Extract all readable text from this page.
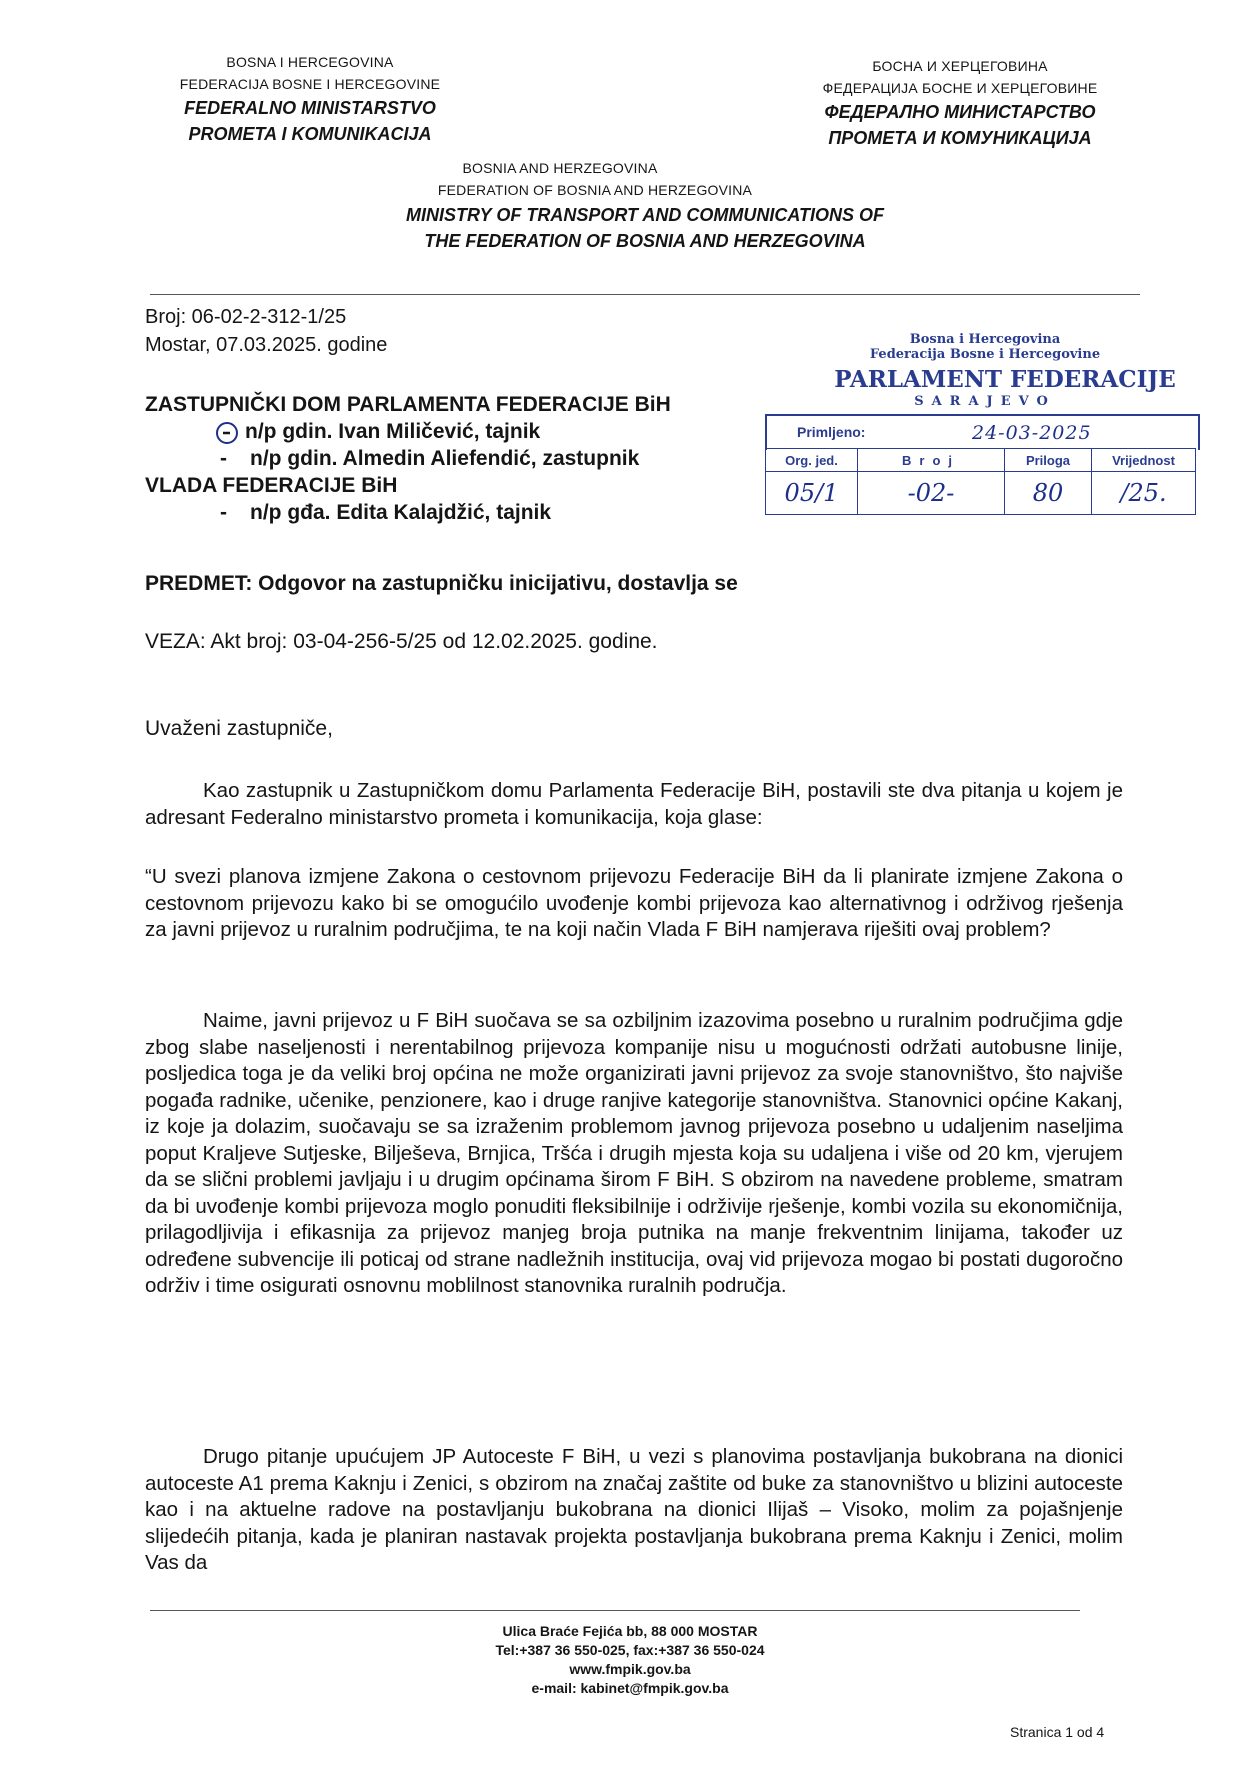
BOSNA I HERCEGOVINA
FEDERACIJA BOSNE I HERCEGOVINE
FEDERALNO MINISTARSTVO
PROMETA I KOMUNIKACIJA
БОСНА И ХЕРЦЕГОВИНА
ФЕДЕРАЦИЈА БОСНЕ И ХЕРЦЕГОВИНЕ
ФЕДЕРАЛНО МИНИСТАРСТВО
ПРОМЕТА И КОМУНИКАЦИЈА
BOSNIA AND HERZEGOVINA
FEDERATION OF BOSNIA AND HERZEGOVINA
MINISTRY OF TRANSPORT AND COMMUNICATIONS OF
THE FEDERATION OF BOSNIA AND HERZEGOVINA
Broj: 06-02-2-312-1/25
Mostar, 07.03.2025. godine
ZASTUPNIČKI DOM PARLAMENTA FEDERACIJE BiH
n/p gdin. Ivan Miličević, tajnik
- n/p gdin. Almedin Aliefendić, zastupnik
VLADA FEDERACIJE BiH
- n/p gđa. Edita Kalajdžić, tajnik
Bosna i Hercegovina
Federacija Bosne i Hercegovine
PARLAMENT FEDERACIJE
SARAJEVO
Primljeno:	24-03-2025
Org. jed.	Broj	Priloga	Vrijednost
05/1	-02-	80	/25.
PREDMET: Odgovor na zastupničku inicijativu, dostavlja se
VEZA: Akt broj: 03-04-256-5/25 od 12.02.2025. godine.
Uvaženi zastupniče,

Kao zastupnik u Zastupničkom domu Parlamenta Federacije BiH, postavili ste dva pitanja u kojem je adresant Federalno ministarstvo prometa i komunikacija, koja glase:

“U svezi planova izmjene Zakona o cestovnom prijevozu Federacije BiH da li planirate izmjene Zakona o cestovnom prijevozu kako bi se omogućilo uvođenje kombi prijevoza kao alternativnog i održivog rješenja za javni prijevoz u ruralnim područjima, te na koji način Vlada F BiH namjerava riješiti ovaj problem?

Naime, javni prijevoz u F BiH suočava se sa ozbiljnim izazovima posebno u ruralnim područjima gdje zbog slabe naseljenosti i nerentabilnog prijevoza kompanije nisu u mogućnosti održati autobusne linije, posljedica toga je da veliki broj općina ne može organizirati javni prijevoz za svoje stanovništvo, što najviše pogađa radnike, učenike, penzionere, kao i druge ranjive kategorije stanovništva. Stanovnici općine Kakanj, iz koje ja dolazim, suočavaju se sa izraženim problemom javnog prijevoza posebno u udaljenim naseljima poput Kraljeve Sutjeske, Bilješeva, Brnjica, Tršća i drugih mjesta koja su udaljena i više od 20 km, vjerujem da se slični problemi javljaju i u drugim općinama širom F BiH. S obzirom na navedene probleme, smatram da bi uvođenje kombi prijevoza moglo ponuditi fleksibilnije i održivije rješenje, kombi vozila su ekonomičnija, prilagodljivija i efikasnija za prijevoz manjeg broja putnika na manje frekventnim linijama, također uz određene subvencije ili poticaj od strane nadležnih institucija, ovaj vid prijevoza mogao bi postati dugoročno održiv i time osigurati osnovnu moblilnost stanovnika ruralnih područja.

Drugo pitanje upućujem JP Autoceste F BiH, u vezi s planovima postavljanja bukobrana na dionici autoceste A1 prema Kaknju i Zenici, s obzirom na značaj zaštite od buke za stanovništvo u blizini autoceste kao i na aktuelne radove na postavljanju bukobrana na dionici Ilijaš – Visoko, molim za pojašnjenje slijedećih pitanja, kada je planiran nastavak projekta postavljanja bukobrana prema Kaknju i Zenici, molim Vas da

Ulica Braće Fejića bb, 88 000 MOSTAR
Tel:+387 36 550-025, fax:+387 36 550-024
www.fmpik.gov.ba
e-mail: kabinet@fmpik.gov.ba
Stranica 1 od 4
